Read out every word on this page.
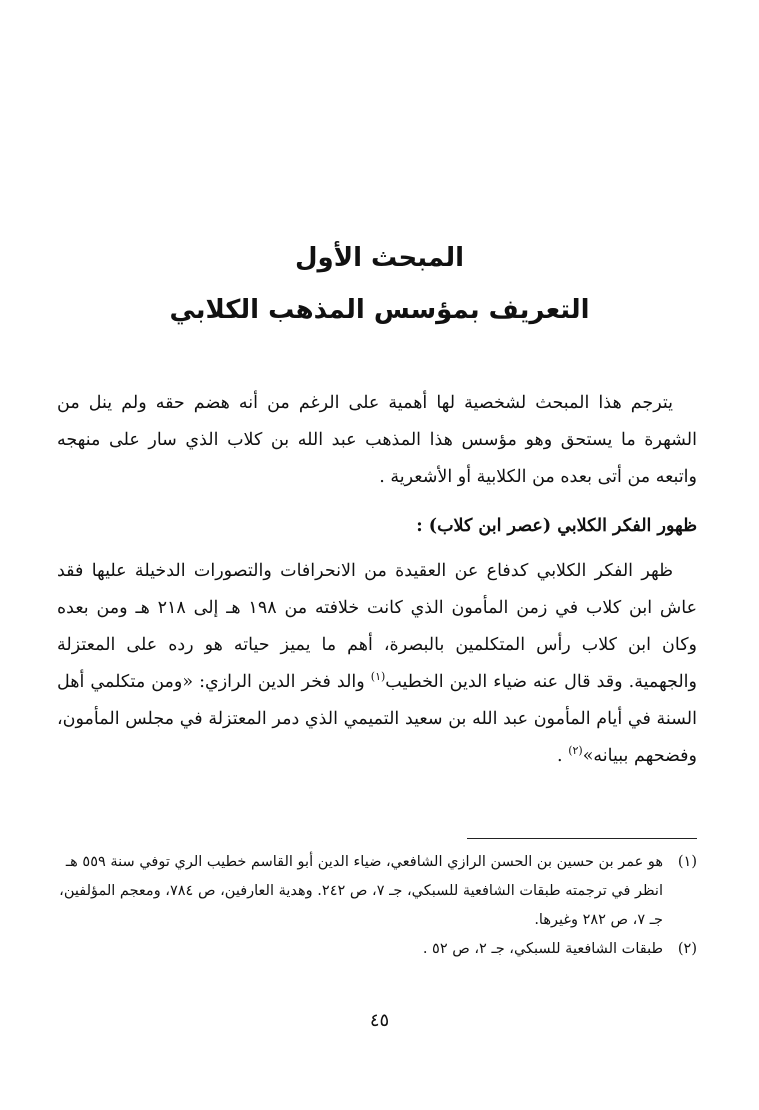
المبحث الأول
التعريف بمؤسس المذهب الكلابي

يترجم هذا المبحث لشخصية لها أهمية على الرغم من أنه هضم حقه ولم ينل من الشهرة ما يستحق وهو مؤسس هذا المذهب عبد الله بن كلاب الذي سار على منهجه واتبعه من أتى بعده من الكلابية أو الأشعرية .

ظهور الفكر الكلابي (عصر ابن كلاب) :

ظهر الفكر الكلابي كدفاع عن العقيدة من الانحرافات والتصورات الدخيلة عليها فقد عاش ابن كلاب في زمن المأمون الذي كانت خلافته من ١٩٨ هـ إلى ٢١٨ هـ ومن بعده وكان ابن كلاب رأس المتكلمين بالبصرة، أهم ما يميز حياته هو رده على المعتزلة والجهمية. وقد قال عنه ضياء الدين الخطيب$^{(١)}$ والد فخر الدين الرازي: «ومن متكلمي أهل السنة في أيام المأمون عبد الله بن سعيد التميمي الذي دمر المعتزلة في مجلس المأمون، وفضحهم ببيانه»$^{(٢)}$ .

(١)
هو عمر بن حسين بن الحسن الرازي الشافعي، ضياء الدين أبو القاسم خطيب الري توفي سنة ٥٥٩ هـ انظر في ترجمته طبقات الشافعية للسبكي، جـ ٧، ص ٢٤٢. وهدية العارفين، ص ٧٨٤، ومعجم المؤلفين، جـ ٧، ص ٢٨٢ وغيرها.

(٢)
طبقات الشافعية للسبكي، جـ ٢، ص ٥٢ .

٤٥
